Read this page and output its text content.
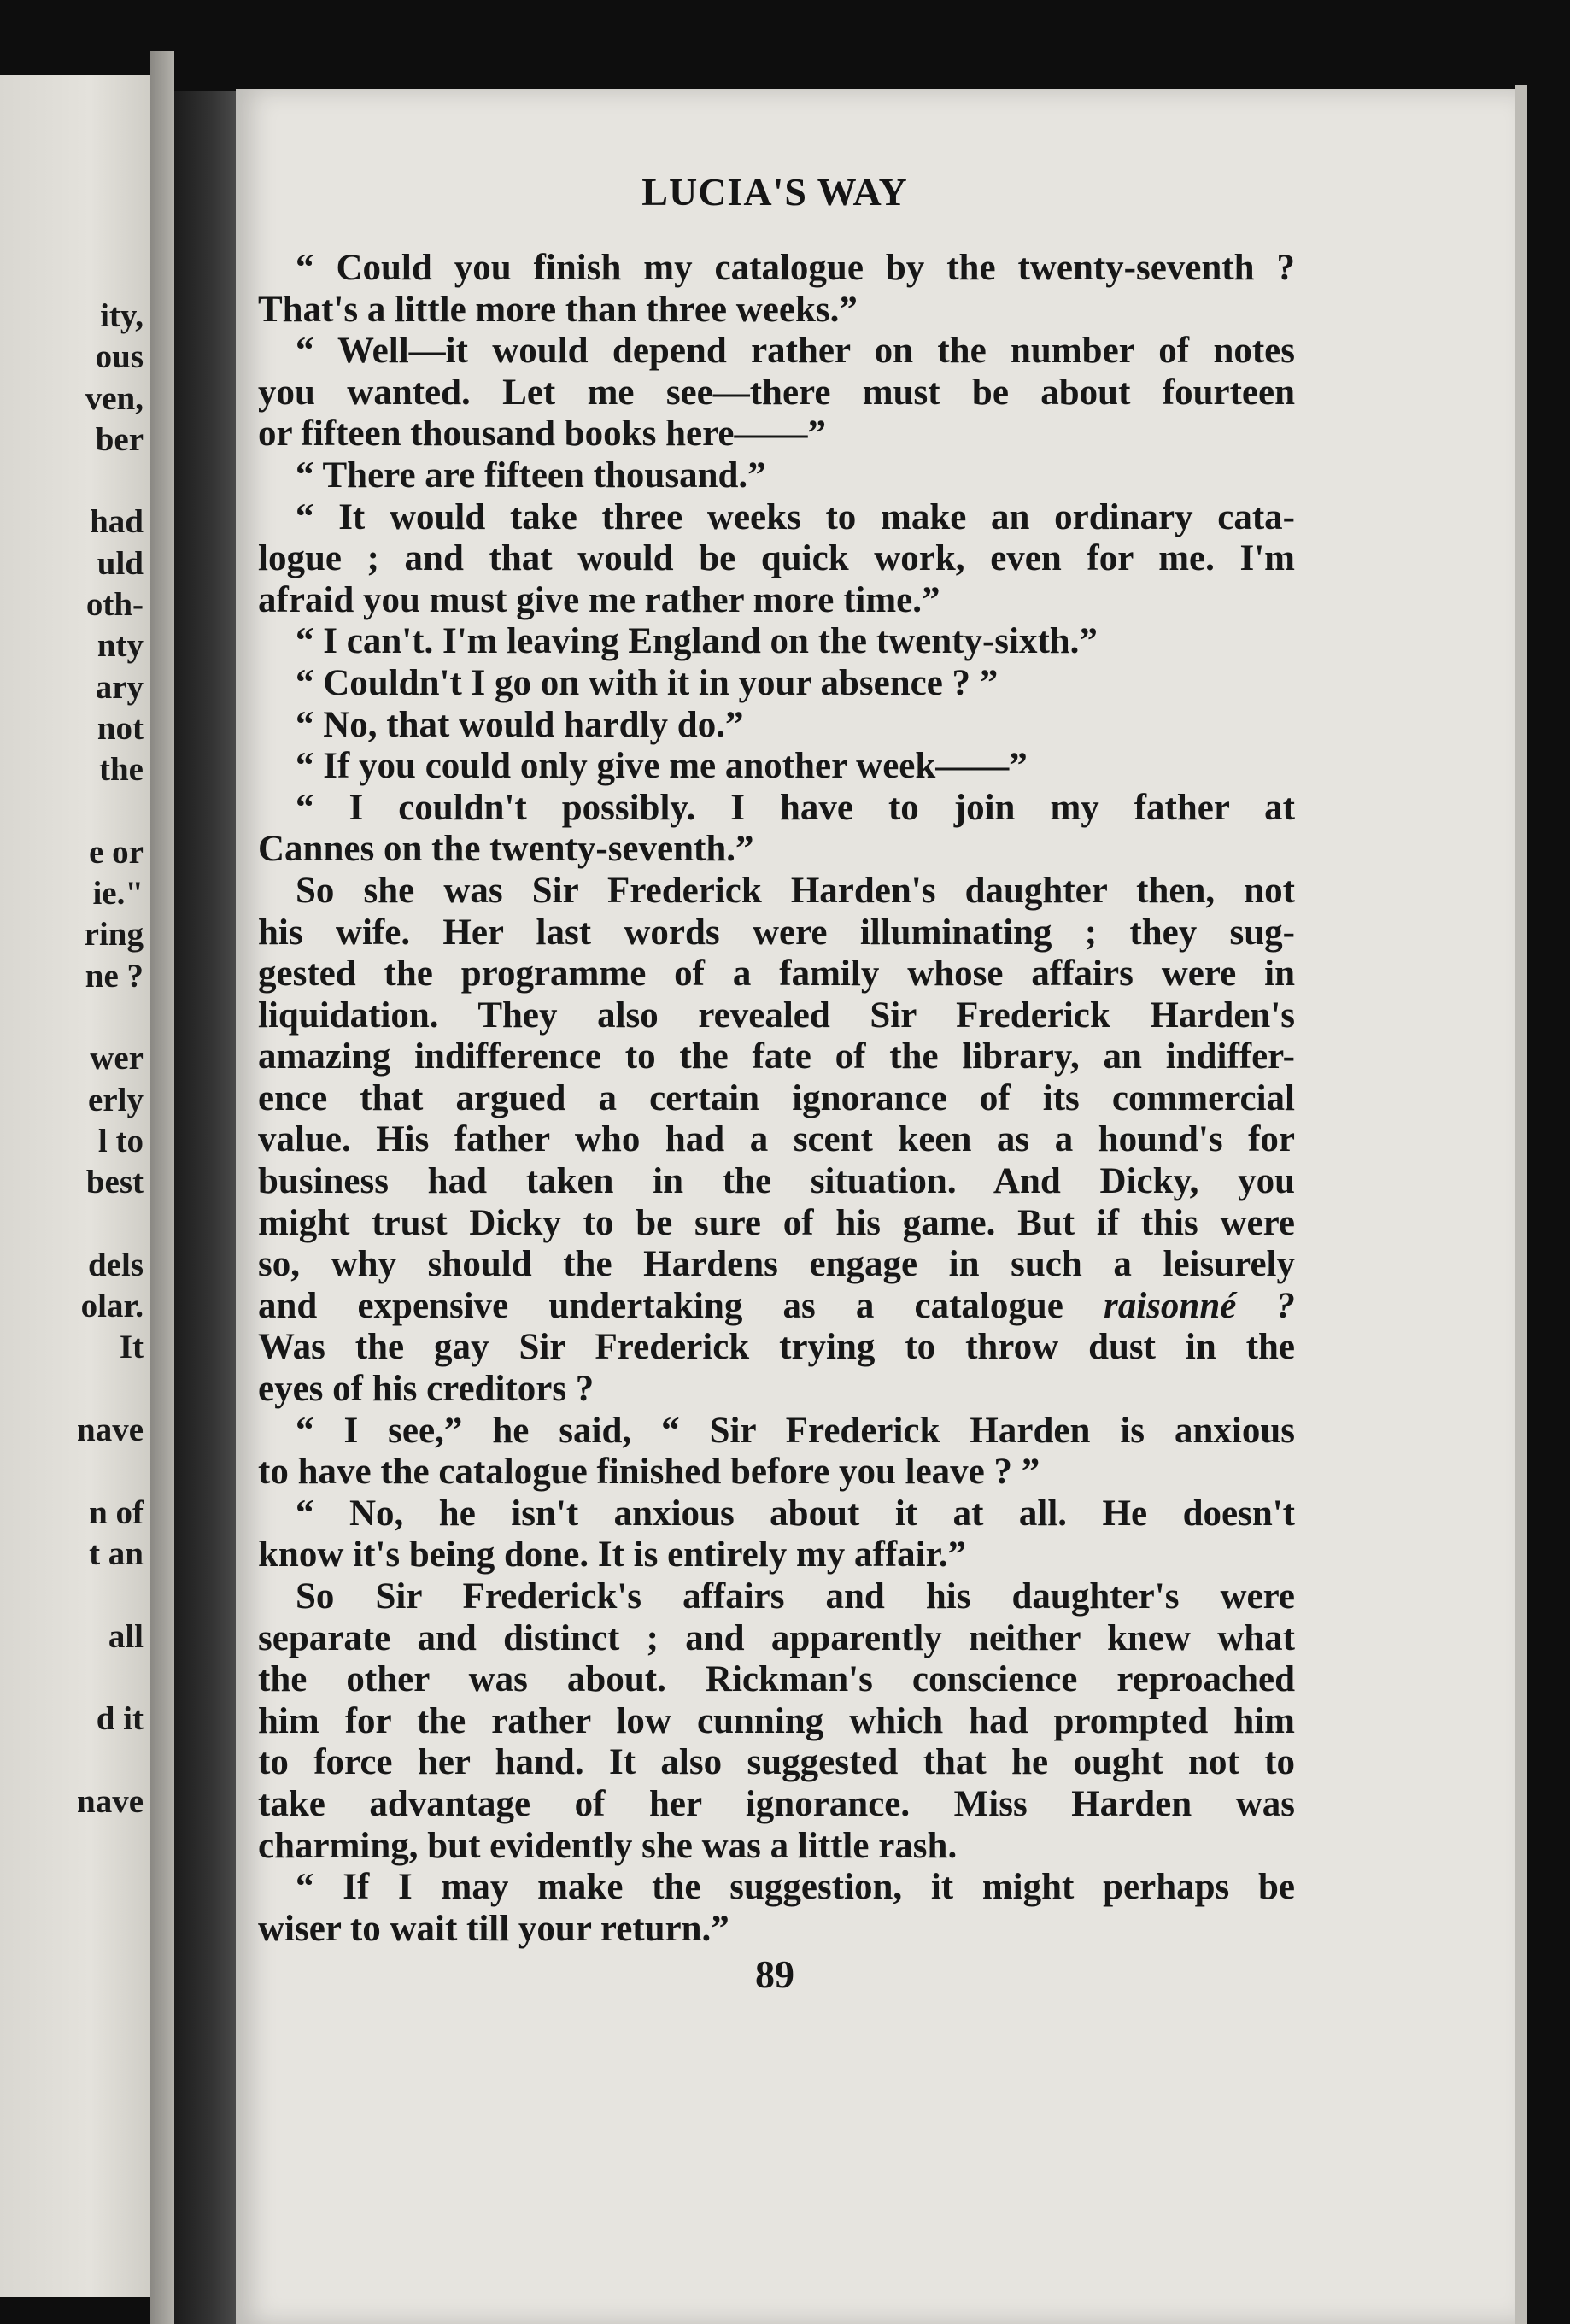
ity,
ous
ven,
ber
had
uld
oth-
nty
ary
not
the
e or
ie."
ring
ne ?
wer
erly
l to
best
dels
olar.
It
nave
n of
t an
all
d it
nave
LUCIA'S WAY
“ Could you finish my catalogue by the twenty-seventh ?
That's a little more than three weeks.”
“ Well—it would depend rather on the number of notes
you wanted. Let me see—there must be about fourteen
or fifteen thousand books here——”
“ There are fifteen thousand.”
“ It would take three weeks to make an ordinary cata-
logue ; and that would be quick work, even for me. I'm
afraid you must give me rather more time.”
“ I can't. I'm leaving England on the twenty-sixth.”
“ Couldn't I go on with it in your absence ? ”
“ No, that would hardly do.”
“ If you could only give me another week——”
“ I couldn't possibly. I have to join my father at
Cannes on the twenty-seventh.”
So she was Sir Frederick Harden's daughter then, not
his wife. Her last words were illuminating ; they sug-
gested the programme of a family whose affairs were in
liquidation. They also revealed Sir Frederick Harden's
amazing indifference to the fate of the library, an indiffer-
ence that argued a certain ignorance of its commercial
value. His father who had a scent keen as a hound's for
business had taken in the situation. And Dicky, you
might trust Dicky to be sure of his game. But if this were
so, why should the Hardens engage in such a leisurely
and expensive undertaking as a catalogue raisonné ?
Was the gay Sir Frederick trying to throw dust in the
eyes of his creditors ?
“ I see,” he said, “ Sir Frederick Harden is anxious
to have the catalogue finished before you leave ? ”
“ No, he isn't anxious about it at all. He doesn't
know it's being done. It is entirely my affair.”
So Sir Frederick's affairs and his daughter's were
separate and distinct ; and apparently neither knew what
the other was about. Rickman's conscience reproached
him for the rather low cunning which had prompted him
to force her hand. It also suggested that he ought not to
take advantage of her ignorance. Miss Harden was
charming, but evidently she was a little rash.
“ If I may make the suggestion, it might perhaps be
wiser to wait till your return.”
89
